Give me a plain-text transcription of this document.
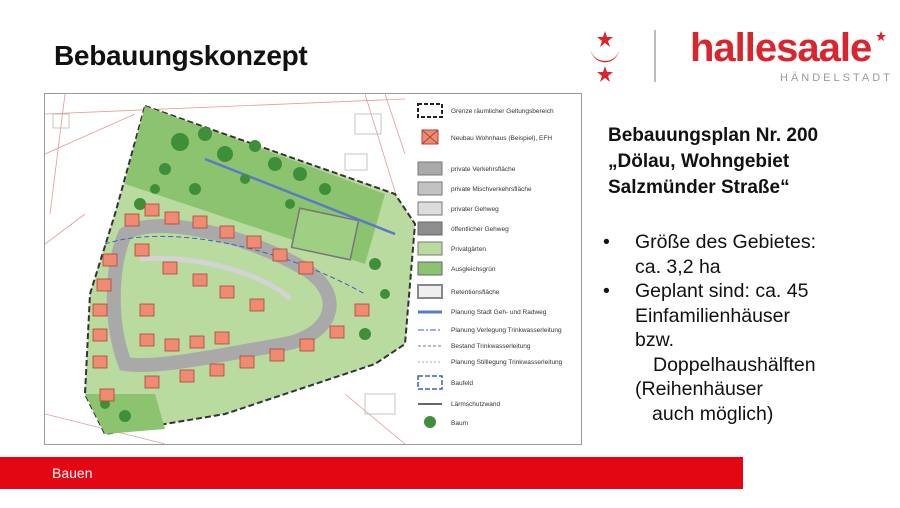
Bebauungskonzept	hallesaale
HÄNDELSTADT
Grenze räumlicher Geltungsbereich
Neubau Wohnhaus (Beispiel), EFH
private Verkehrsfläche
private Mischverkehrsfläche
privater Gehweg
öffentlicher Gehweg
Privatgärten
Ausgleichsgrün
Retentionsfläche
Planung Stadt Geh- und Radweg
Planung Verlegung Trinkwasserleitung
Bestand Trinkwasserleitung
Planung Stilllegung Trinkwasserleitung
Baufeld
Lärmschutzwand
Baum
Bebauungsplan Nr. 200
„Dölau, Wohngebiet
Salzmünder Straße“
•	Größe des Gebietes:
ca. 3,2 ha
•	Geplant sind: ca. 45
Einfamilienhäuser
bzw.
Doppelhaushälften
(Reihenhäuser
auch möglich)
Bauen
